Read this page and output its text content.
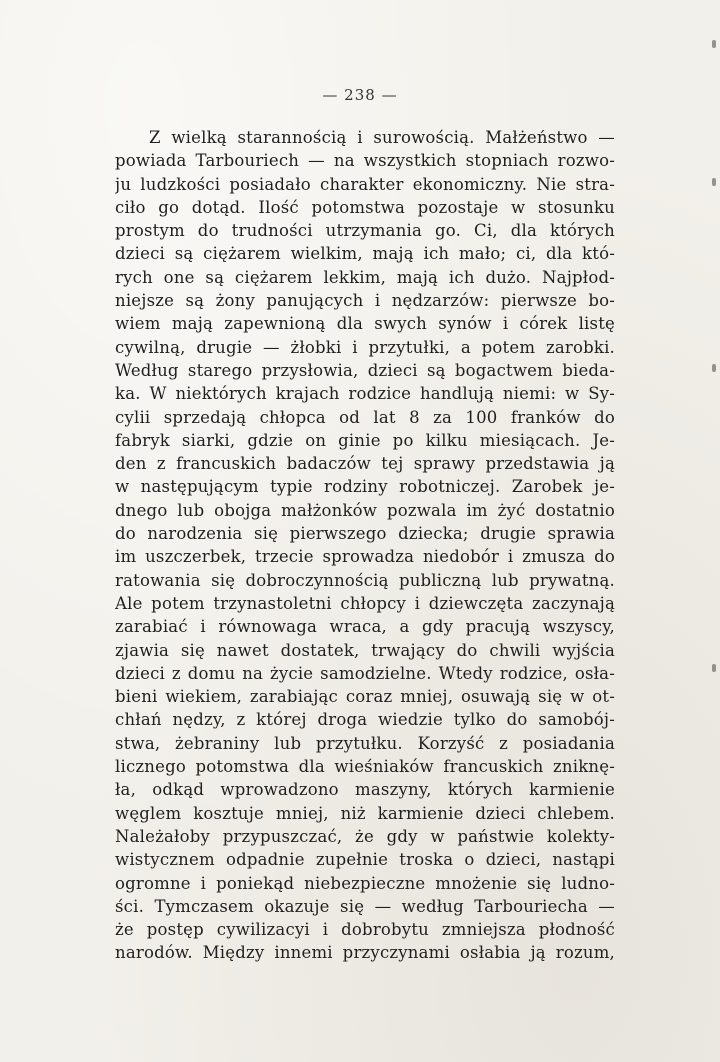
— 238 —
Z wielką starannością i surowością. Małżeństwo —
powiada Tarbouriech — na wszystkich stopniach rozwo-
ju ludzkości posiadało charakter ekonomiczny. Nie stra-
ciło go dotąd. Ilość potomstwa pozostaje w stosunku
prostym do trudności utrzymania go. Ci, dla których
dzieci są ciężarem wielkim, mają ich mało; ci, dla któ-
rych one są ciężarem lekkim, mają ich dużo. Najpłod-
niejsze są żony panujących i nędzarzów: pierwsze bo-
wiem mają zapewnioną dla swych synów i córek listę
cywilną, drugie — żłobki i przytułki, a potem zarobki.
Według starego przysłowia, dzieci są bogactwem bieda-
ka. W niektórych krajach rodzice handlują niemi: w Sy-
cylii sprzedają chłopca od lat 8 za 100 franków do
fabryk siarki, gdzie on ginie po kilku miesiącach. Je-
den z francuskich badaczów tej sprawy przedstawia ją
w następującym typie rodziny robotniczej. Zarobek je-
dnego lub obojga małżonków pozwala im żyć dostatnio
do narodzenia się pierwszego dziecka; drugie sprawia
im uszczerbek, trzecie sprowadza niedobór i zmusza do
ratowania się dobroczynnością publiczną lub prywatną.
Ale potem trzynastoletni chłopcy i dziewczęta zaczynają
zarabiać i równowaga wraca, a gdy pracują wszyscy,
zjawia się nawet dostatek, trwający do chwili wyjścia
dzieci z domu na życie samodzielne. Wtedy rodzice, osła-
bieni wiekiem, zarabiając coraz mniej, osuwają się w ot-
chłań nędzy, z której droga wiedzie tylko do samobój-
stwa, żebraniny lub przytułku. Korzyść z posiadania
licznego potomstwa dla wieśniaków francuskich zniknę-
ła, odkąd wprowadzono maszyny, których karmienie
węglem kosztuje mniej, niż karmienie dzieci chlebem.
Należałoby przypuszczać, że gdy w państwie kolekty-
wistycznem odpadnie zupełnie troska o dzieci, nastąpi
ogromne i poniekąd niebezpieczne mnożenie się ludno-
ści. Tymczasem okazuje się — według Tarbouriecha —
że postęp cywilizacyi i dobrobytu zmniejsza płodność
narodów. Między innemi przyczynami osłabia ją rozum,
